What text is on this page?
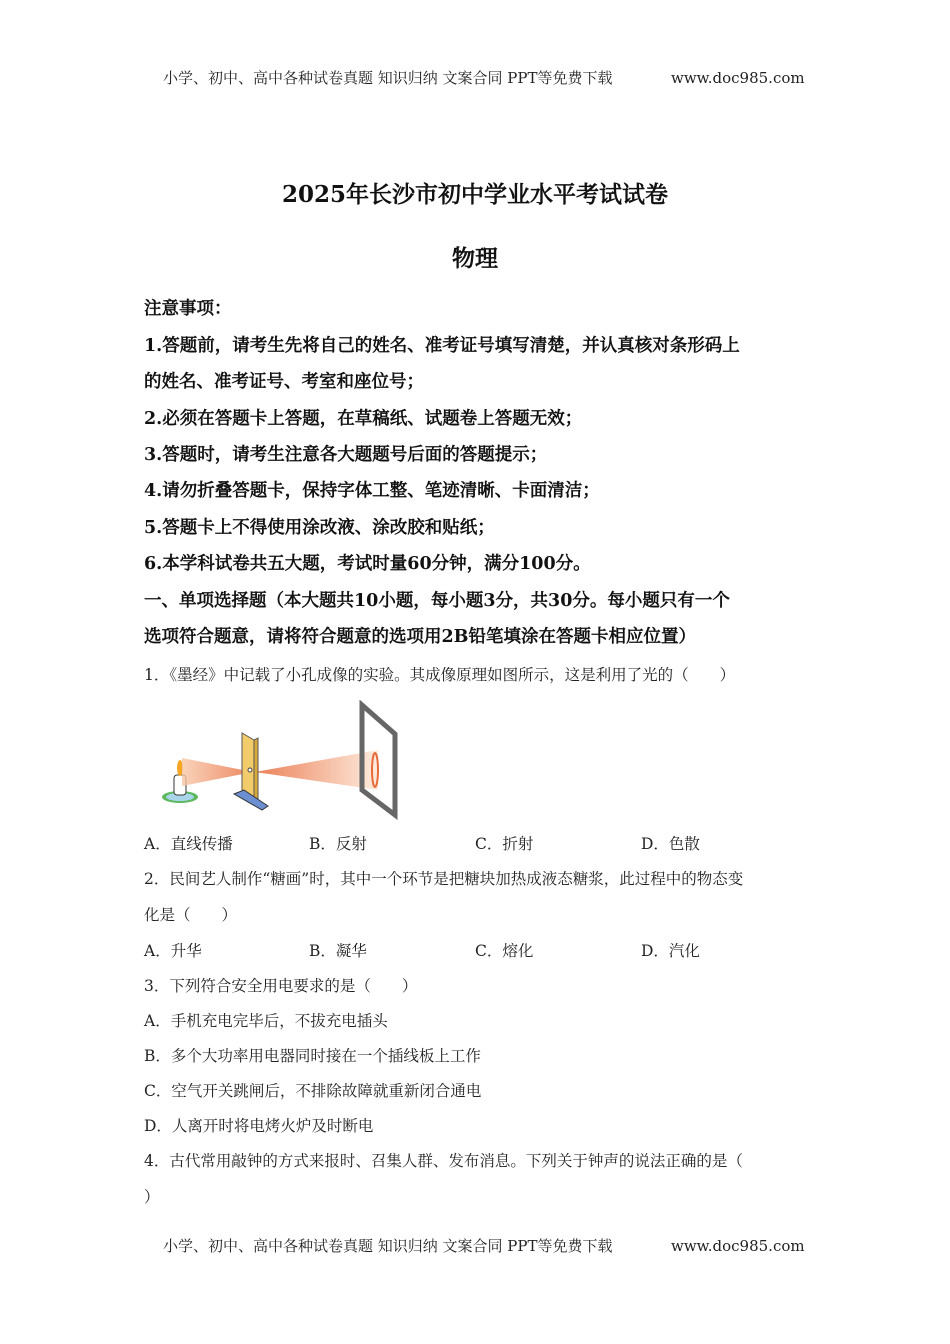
小学、初中、高中各种试卷真题 知识归纳 文案合同 PPT等免费下载	www.doc985.com
2025年长沙市初中学业水平考试试卷
物理
注意事项：
1.答题前，请考生先将自己的姓名、准考证号填写清楚，并认真核对条形码上
的姓名、准考证号、考室和座位号；
2.必须在答题卡上答题，在草稿纸、试题卷上答题无效；
3.答题时，请考生注意各大题题号后面的答题提示；
4.请勿折叠答题卡，保持字体工整、笔迹清晰、卡面清洁；
5.答题卡上不得使用涂改液、涂改胶和贴纸；
6.本学科试卷共五大题，考试时量60分钟，满分100分。
一、单项选择题（本大题共10小题，每小题3分，共30分。每小题只有一个
选项符合题意，请将符合题意的选项用2B铅笔填涂在答题卡相应位置）
1．《墨经》中记载了小孔成像的实验。其成像原理如图所示，这是利用了光的（　　）
A．直线传播	B．反射	C．折射	D．色散
2．民间艺人制作“糖画”时，其中一个环节是把糖块加热成液态糖浆，此过程中的物态变
化是（　　）
A．升华	B．凝华	C．熔化	D．汽化
3．下列符合安全用电要求的是（　　）
A．手机充电完毕后，不拔充电插头
B．多个大功率用电器同时接在一个插线板上工作
C．空气开关跳闸后，不排除故障就重新闭合通电
D．人离开时将电烤火炉及时断电
4．古代常用敲钟的方式来报时、召集人群、发布消息。下列关于钟声的说法正确的是（
）
小学、初中、高中各种试卷真题 知识归纳 文案合同 PPT等免费下载	www.doc985.com
